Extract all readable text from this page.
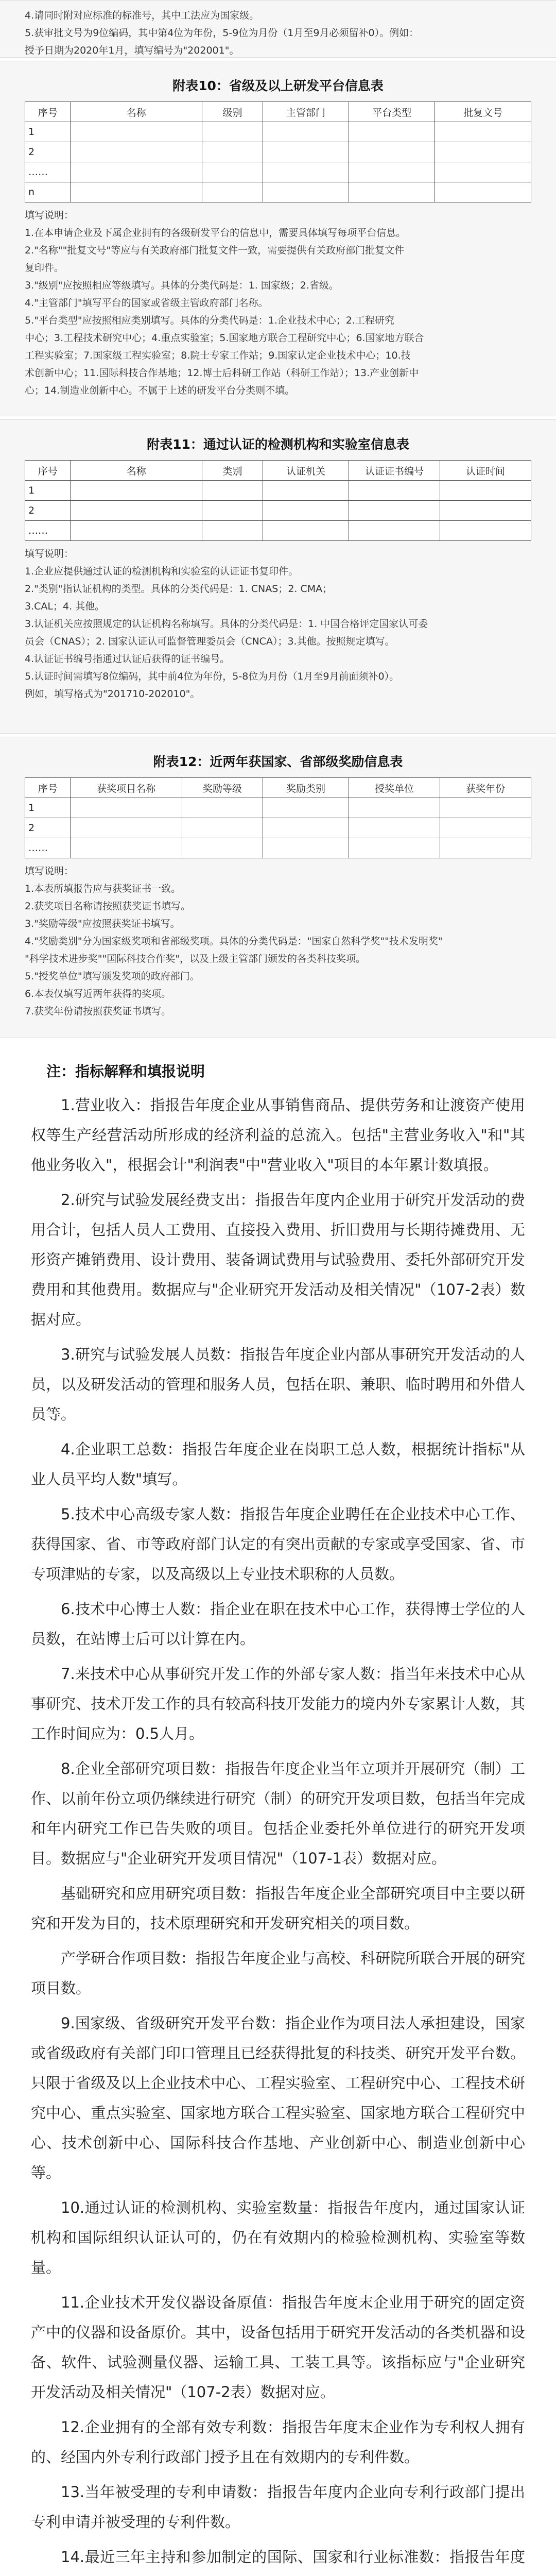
4.请同时附对应标准的标准号，其中工法应为国家级。

5.获审批文号为9位编码，其中第4位为年份，5-9位为月份（1月至9月必须留补0）。例如：

授予日期为2020年1月，填写编号为"202001"。

附表10：省级及以上研发平台信息表
序号	名称	级别	主管部门	平台类型	批复文号
1					
2					
……					
n					

填写说明：

1.在本申请企业及下属企业拥有的各级研发平台的信息中，需要具体填写每项平台信息。

2."名称""批复文号"等应与有关政府部门批复文件一致，需要提供有关政府部门批复文件

复印件。

3."级别"应按照相应等级填写。具体的分类代码是：1. 国家级；2.省级。

4."主管部门"填写平台的国家或省级主管政府部门名称。

5."平台类型"应按照相应类别填写。具体的分类代码是：1.企业技术中心；2.工程研究

中心；3.工程技术研究中心；4.重点实验室；5.国家地方联合工程研究中心；6.国家地方联合

工程实验室；7.国家级工程实验室；8.院士专家工作站；9.国家认定企业技术中心；10.技

术创新中心；11.国际科技合作基地；12.博士后科研工作站（科研工作站）；13.产业创新中

心；14.制造业创新中心。不属于上述的研发平台分类则不填。

附表11：通过认证的检测机构和实验室信息表
序号	名称	类别	认证机关	认证证书编号	认证时间
1					
2					
……					

填写说明：

1.企业应提供通过认证的检测机构和实验室的认证证书复印件。

2."类别"指认证机构的类型。具体的分类代码是：1. CNAS；2. CMA；

3.CAL；4. 其他。

3.认证机关应按照规定的认证机构名称填写。具体的分类代码是：1. 中国合格评定国家认可委

员会（CNAS）；2. 国家认证认可监督管理委员会（CNCA）；3.其他。按照规定填写。

4.认证证书编号指通过认证后获得的证书编号。

5.认证时间需填写8位编码，其中前4位为年份，5-8位为月份（1月至9月前面须补0）。

例如，填写格式为"201710-202010"。

附表12：近两年获国家、省部级奖励信息表
序号	获奖项目名称	奖励等级	奖励类别	授奖单位	获奖年份
1					
2					
……					

填写说明：

1.本表所填报告应与获奖证书一致。

2.获奖项目名称请按照获奖证书填写。

3."奖励等级"应按照获奖证书填写。

4."奖励类别"分为国家级奖项和省部级奖项。具体的分类代码是："国家自然科学奖""技术发明奖"

"科学技术进步奖""国际科技合作奖"，以及上级主管部门颁发的各类科技奖项。

5."授奖单位"填写颁发奖项的政府部门。

6.本表仅填写近两年获得的奖项。

7.获奖年份请按照获奖证书填写。

注：指标解释和填报说明

1.营业收入：指报告年度企业从事销售商品、提供劳务和让渡资产使用权等生产经营活动所形成的经济利益的总流入。包括"主营业务收入"和"其他业务收入"，根据会计"利润表"中"营业收入"项目的本年累计数填报。

2.研究与试验发展经费支出：指报告年度内企业用于研究开发活动的费用合计，包括人员人工费用、直接投入费用、折旧费用与长期待摊费用、无形资产摊销费用、设计费用、装备调试费用与试验费用、委托外部研究开发费用和其他费用。数据应与"企业研究开发活动及相关情况"（107-2表）数据对应。

3.研究与试验发展人员数：指报告年度企业内部从事研究开发活动的人员，以及研发活动的管理和服务人员，包括在职、兼职、临时聘用和外借人员等。

4.企业职工总数：指报告年度企业在岗职工总人数，根据统计指标"从业人员平均人数"填写。

5.技术中心高级专家人数：指报告年度企业聘任在企业技术中心工作、获得国家、省、市等政府部门认定的有突出贡献的专家或享受国家、省、市专项津贴的专家，以及高级以上专业技术职称的人员数。

6.技术中心博士人数：指企业在职在技术中心工作，获得博士学位的人员数，在站博士后可以计算在内。

7.来技术中心从事研究开发工作的外部专家人数：指当年来技术中心从事研究、技术开发工作的具有较高科技开发能力的境内外专家累计人数，其工作时间应为：0.5人月。

8.企业全部研究项目数：指报告年度企业当年立项并开展研究（制）工作、以前年份立项仍继续进行研究（制）的研究开发项目数，包括当年完成和年内研究工作已告失败的项目。包括企业委托外单位进行的研究开发项目。数据应与"企业研究开发项目情况"（107-1表）数据对应。

基础研究和应用研究项目数：指报告年度企业全部研究项目中主要以研究和开发为目的，技术原理研究和开发研究相关的项目数。

产学研合作项目数：指报告年度企业与高校、科研院所联合开展的研究项目数。

9.国家级、省级研究开发平台数：指企业作为项目法人承担建设，国家或省级政府有关部门印口管理且已经获得批复的科技类、研究开发平台数。只限于省级及以上企业技术中心、工程实验室、工程研究中心、工程技术研究中心、重点实验室、国家地方联合工程实验室、国家地方联合工程研究中心、技术创新中心、国际科技合作基地、产业创新中心、制造业创新中心等。

10.通过认证的检测机构、实验室数量：指报告年度内，通过国家认证机构和国际组织认证认可的，仍在有效期内的检验检测机构、实验室等数量。

11.企业技术开发仪器设备原值：指报告年度末企业用于研究的固定资产中的仪器和设备原价。其中，设备包括用于研究开发活动的各类机器和设备、软件、试验测量仪器、运输工具、工装工具等。该指标应与"企业研究开发活动及相关情况"（107-2表）数据对应。

12.企业拥有的全部有效专利数：指报告年度末企业作为专利权人拥有的、经国内外专利行政部门授予且在有效期内的专利件数。

13.当年被受理的专利申请数：指报告年度内企业向专利行政部门提出专利申请并被受理的专利件数。

14.最近三年主持和参加制定的国际、国家和行业标准数：指报告年度
